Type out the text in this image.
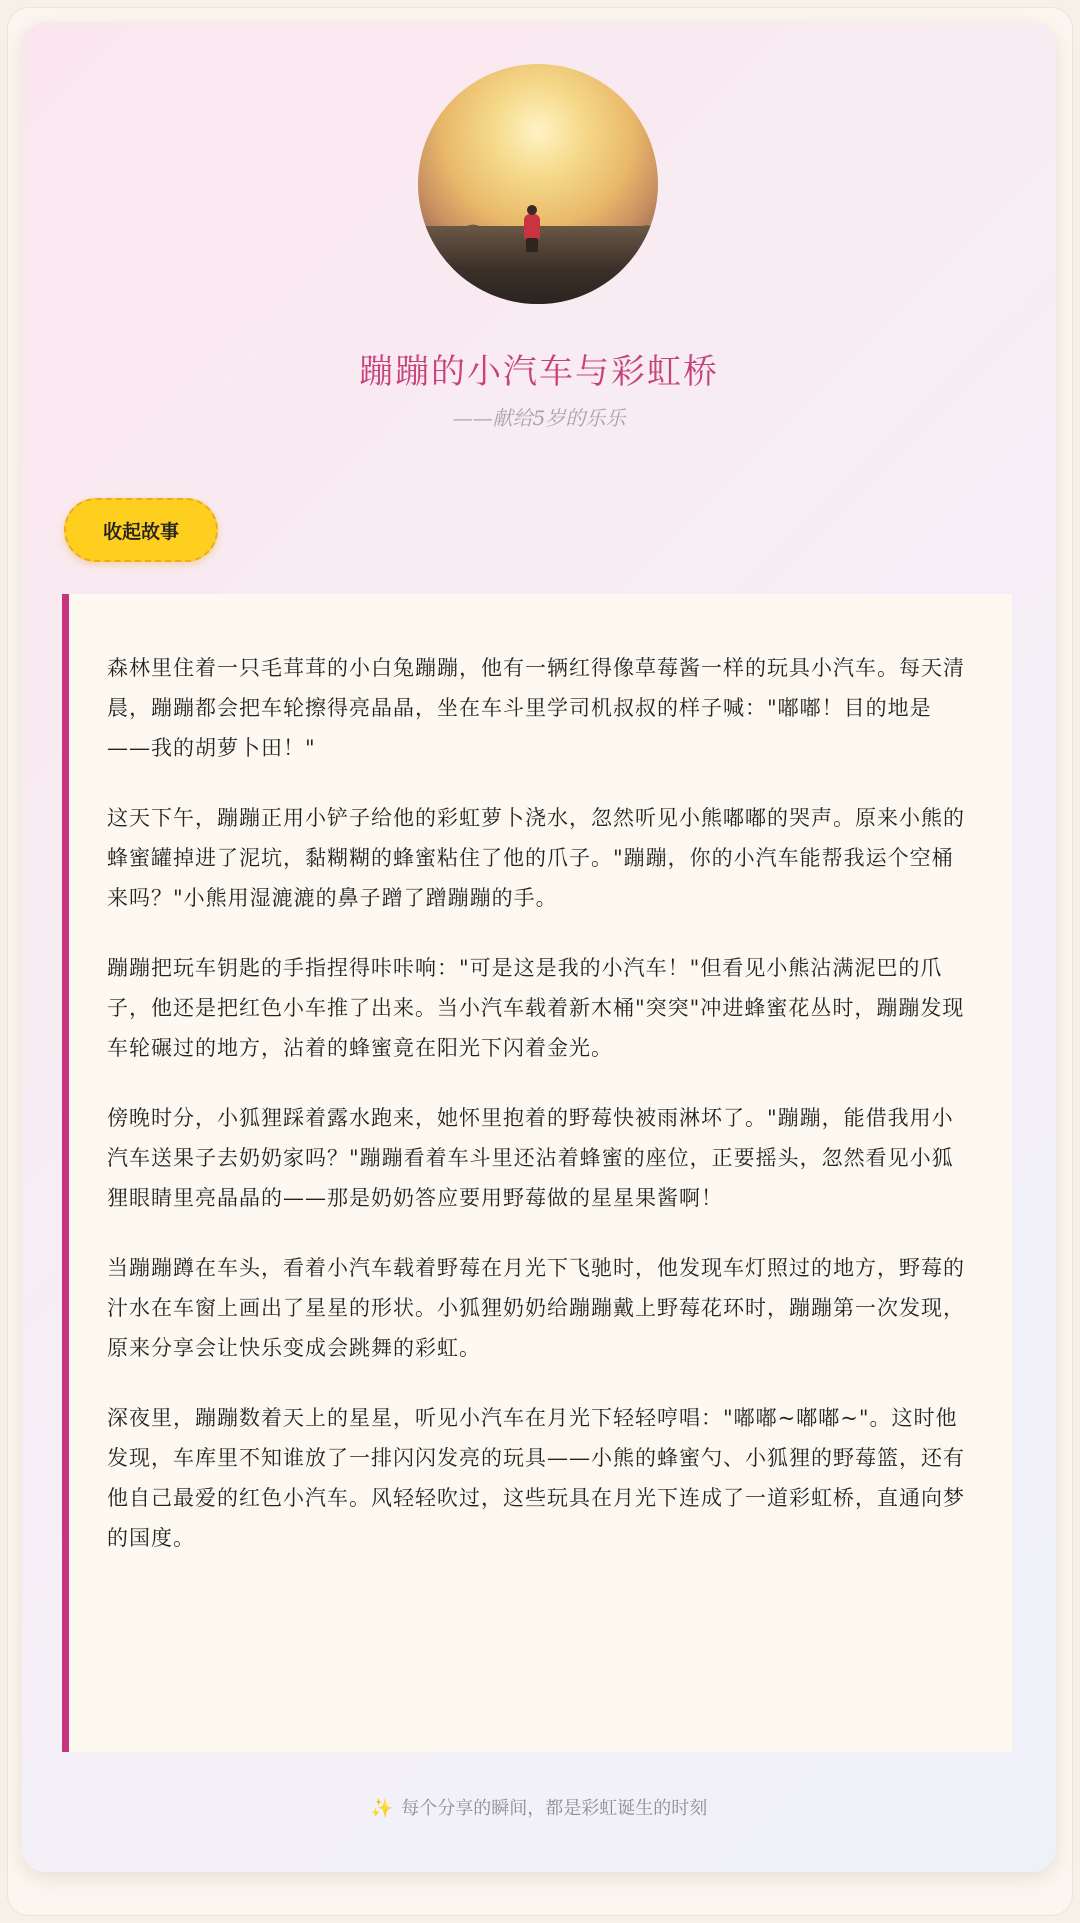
蹦蹦的小汽车与彩虹桥
——献给5岁的乐乐
收起故事

森林里住着一只毛茸茸的小白兔蹦蹦，他有一辆红得像草莓酱一样的玩具小汽车。每天清晨，蹦蹦都会把车轮擦得亮晶晶，坐在车斗里学司机叔叔的样子喊："嘟嘟！目的地是——我的胡萝卜田！"

这天下午，蹦蹦正用小铲子给他的彩虹萝卜浇水，忽然听见小熊嘟嘟的哭声。原来小熊的蜂蜜罐掉进了泥坑，黏糊糊的蜂蜜粘住了他的爪子。"蹦蹦，你的小汽车能帮我运个空桶来吗？"小熊用湿漉漉的鼻子蹭了蹭蹦蹦的手。

蹦蹦把玩车钥匙的手指捏得咔咔响："可是这是我的小汽车！"但看见小熊沾满泥巴的爪子，他还是把红色小车推了出来。当小汽车载着新木桶"突突"冲进蜂蜜花丛时，蹦蹦发现车轮碾过的地方，沾着的蜂蜜竟在阳光下闪着金光。

傍晚时分，小狐狸踩着露水跑来，她怀里抱着的野莓快被雨淋坏了。"蹦蹦，能借我用小汽车送果子去奶奶家吗？"蹦蹦看着车斗里还沾着蜂蜜的座位，正要摇头，忽然看见小狐狸眼睛里亮晶晶的——那是奶奶答应要用野莓做的星星果酱啊！

当蹦蹦蹲在车头，看着小汽车载着野莓在月光下飞驰时，他发现车灯照过的地方，野莓的汁水在车窗上画出了星星的形状。小狐狸奶奶给蹦蹦戴上野莓花环时，蹦蹦第一次发现，原来分享会让快乐变成会跳舞的彩虹。

深夜里，蹦蹦数着天上的星星，听见小汽车在月光下轻轻哼唱："嘟嘟~嘟嘟~"。这时他发现，车库里不知谁放了一排闪闪发亮的玩具——小熊的蜂蜜勺、小狐狸的野莓篮，还有他自己最爱的红色小汽车。风轻轻吹过，这些玩具在月光下连成了一道彩虹桥，直通向梦的国度。

✨ 每个分享的瞬间，都是彩虹诞生的时刻
